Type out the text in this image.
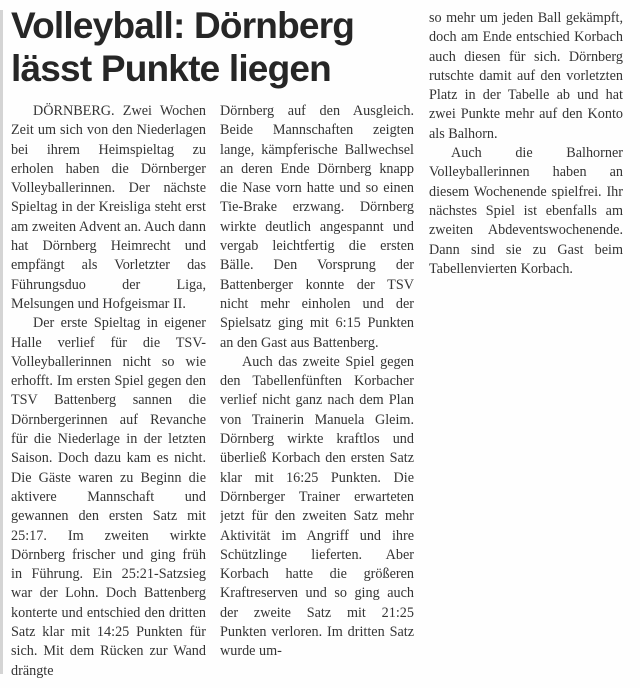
Volleyball: Dörnberg
lässt Punkte liegen

DÖRNBERG. Zwei Wochen Zeit um sich von den Niederlagen bei ihrem Heimspieltag zu erholen haben die Dörnberger Volleyballerinnen. Der nächste Spieltag in der Kreisliga steht erst am zweiten Advent an. Auch dann hat Dörnberg Heimrecht und empfängt als Vorletzter das Führungsduo der Liga, Melsungen und Hofgeismar II.

Der erste Spieltag in eigener Halle verlief für die TSV-Volleyballerinnen nicht so wie erhofft. Im ersten Spiel gegen den TSV Battenberg sannen die Dörnbergerinnen auf Revanche für die Niederlage in der letzten Saison. Doch dazu kam es nicht. Die Gäste waren zu Beginn die aktivere Mannschaft und gewannen den ersten Satz mit 25:17. Im zweiten wirkte Dörnberg frischer und ging früh in Führung. Ein 25:21-Satzsieg war der Lohn. Doch Battenberg konterte und entschied den dritten Satz klar mit 14:25 Punkten für sich. Mit dem Rücken zur Wand drängte

Dörnberg auf den Ausgleich. Beide Mannschaften zeigten lange, kämpferische Ballwechsel an deren Ende Dörnberg knapp die Nase vorn hatte und so einen Tie-Brake erzwang. Dörnberg wirkte deutlich angespannt und vergab leichtfertig die ersten Bälle. Den Vorsprung der Battenberger konnte der TSV nicht mehr einholen und der Spielsatz ging mit 6:15 Punkten an den Gast aus Battenberg.

Auch das zweite Spiel gegen den Tabellenfünften Korbacher verlief nicht ganz nach dem Plan von Trainerin Manuela Gleim. Dörnberg wirkte kraftlos und überließ Korbach den ersten Satz klar mit 16:25 Punkten. Die Dörnberger Trainer erwarteten jetzt für den zweiten Satz mehr Aktivität im Angriff und ihre Schützlinge lieferten. Aber Korbach hatte die größeren Kraftreserven und so ging auch der zweite Satz mit 21:25 Punkten verloren. Im dritten Satz wurde um-

so mehr um jeden Ball gekämpft, doch am Ende entschied Korbach auch diesen für sich. Dörnberg rutschte damit auf den vorletzten Platz in der Tabelle ab und hat zwei Punkte mehr auf den Konto als Balhorn.

Auch die Balhorner Volleyballerinnen haben an diesem Wochenende spielfrei. Ihr nächstes Spiel ist ebenfalls am zweiten Abdeventswochenende. Dann sind sie zu Gast beim Tabellenvierten Korbach.
